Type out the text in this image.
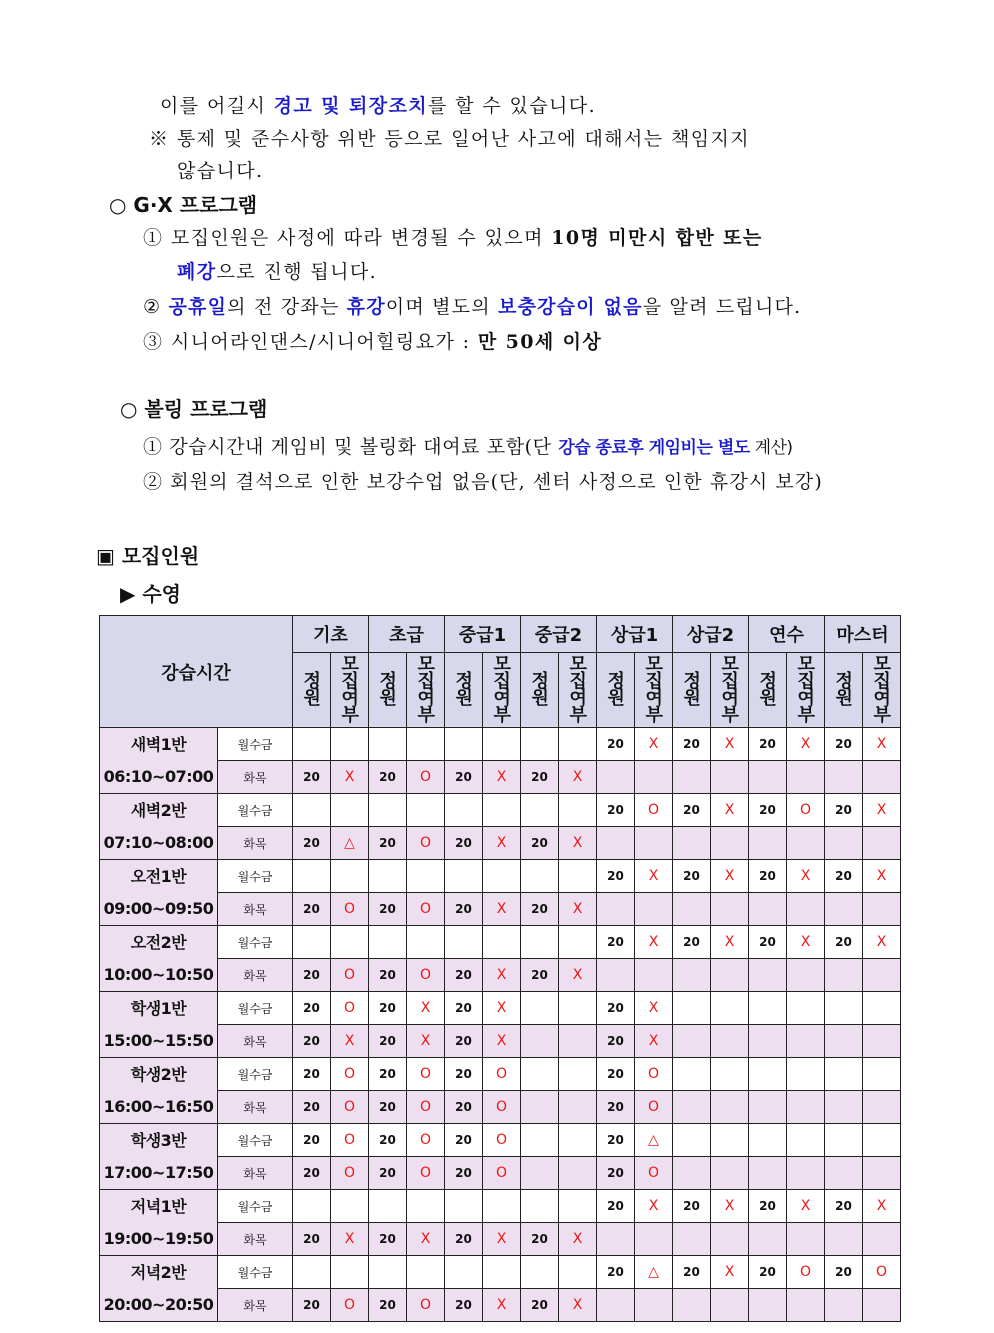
이를 어길시 경고 및 퇴장조치를 할 수 있습니다.
※ 통제 및 준수사항 위반 등으로 일어난 사고에 대해서는 책임지지
않습니다.
○ G·X 프로그램
① 모집인원은 사정에 따라 변경될 수 있으며 10명 미만시 합반 또는
폐강으로 진행 됩니다.
② 공휴일의 전 강좌는 휴강이며 별도의 보충강습이 없음을 알려 드립니다.
③ 시니어라인댄스/시니어힐링요가 : 만 50세 이상
○ 볼링 프로그램
① 강습시간내 게임비 및 볼링화 대여료 포함(단 강습 종료후 게임비는 별도 계산)
② 회원의 결석으로 인한 보강수업 없음(단, 센터 사정으로 인한 휴강시 보강)
▣ 모집인원
▶ 수영
강습시간		기초		초급		중급1		중급2		상급1		상급2		연수		마스터	
		정원	모집여부	정원	모집여부	정원	모집여부	정원	모집여부	정원	모집여부	정원	모집여부	정원	모집여부	정원	모집여부

새벽1반
06:10~07:00	월수금									20	X	20	X	20	X	20	X
	화목	20	X	20	O	20	X	20	X								

새벽2반
07:10~08:00	월수금									20	O	20	X	20	O	20	X
	화목	20	△	20	O	20	X	20	X								

오전1반
09:00~09:50	월수금									20	X	20	X	20	X	20	X
	화목	20	O	20	O	20	X	20	X								

오전2반
10:00~10:50	월수금									20	X	20	X	20	X	20	X
	화목	20	O	20	O	20	X	20	X								

학생1반
15:00~15:50	월수금	20	O	20	X	20	X			20	X						
	화목	20	X	20	X	20	X			20	X						

학생2반
16:00~16:50	월수금	20	O	20	O	20	O			20	O						
	화목	20	O	20	O	20	O			20	O						

학생3반
17:00~17:50	월수금	20	O	20	O	20	O			20	△						
	화목	20	O	20	O	20	O			20	O						

저녁1반
19:00~19:50	월수금									20	X	20	X	20	X	20	X
	화목	20	X	20	X	20	X	20	X								

저녁2반
20:00~20:50	월수금									20	△	20	X	20	O	20	O
	화목	20	O	20	O	20	X	20	X								
